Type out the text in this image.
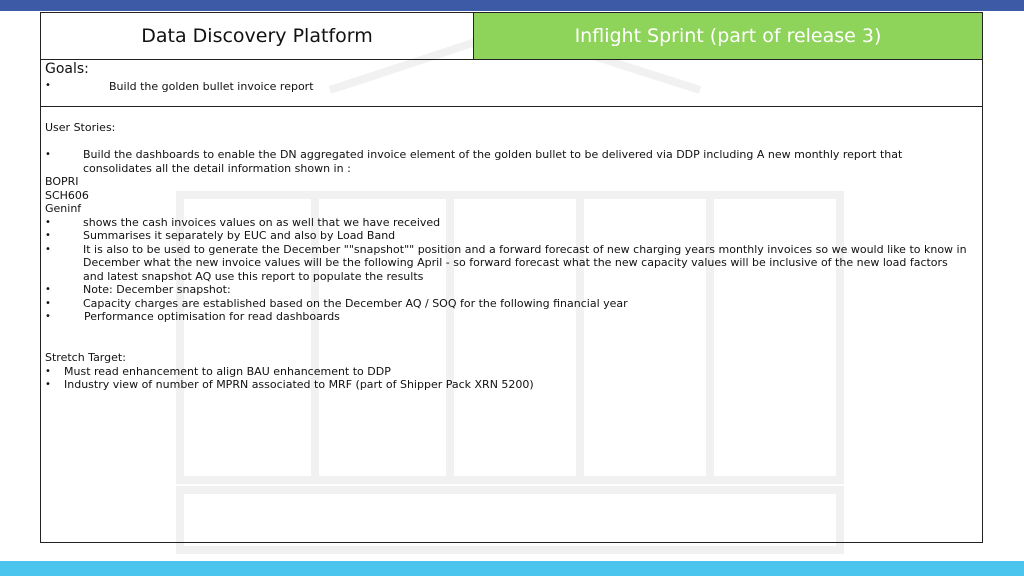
Data Discovery Platform	Inflight Sprint (part of release 3)
Goals:
•	Build the golden bullet invoice report
User Stories:
•	Build the dashboards to enable the DN aggregated invoice element of the golden bullet to be delivered via DDP including A new monthly report that
consolidates all the detail information shown in :
BOPRI
SCH606
Geninf
•	shows the cash invoices values on as well that we have received
•	Summarises it separately by EUC and also by Load Band
•	It is also to be used to generate the December ""snapshot"" position and a forward forecast of new charging years monthly invoices so we would like to know in December what the new invoice values will be the following April - so forward forecast what the new capacity values will be inclusive of the new load factors and latest snapshot AQ use this report to populate the results
•	Note: December snapshot:
•	Capacity charges are established based on the December AQ / SOQ for the following financial year
•	Performance optimisation for read dashboards
Stretch Target:
• Must read enhancement to align BAU enhancement to DDP
• Industry view of number of MPRN associated to MRF (part of Shipper Pack XRN 5200)
